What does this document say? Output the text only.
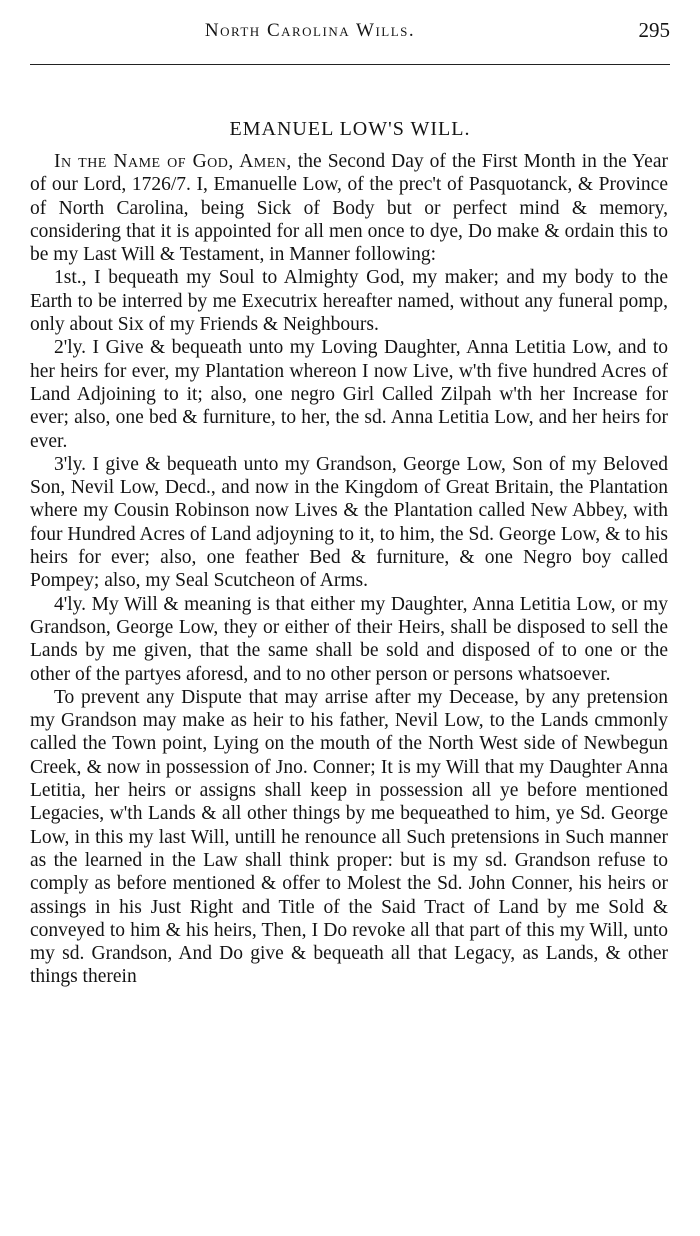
North Carolina Wills.	295
EMANUEL LOW'S WILL.

In the Name of God, Amen, the Second Day of the First Month in the Year of our Lord, 1726/7. I, Emanuelle Low, of the prec't of Pasquotanck, & Province of North Carolina, being Sick of Body but or perfect mind & memory, considering that it is appointed for all men once to dye, Do make & ordain this to be my Last Will & Testament, in Manner following:

1st., I bequeath my Soul to Almighty God, my maker; and my body to the Earth to be interred by me Executrix hereafter named, without any funeral pomp, only about Six of my Friends & Neighbours.

2'ly. I Give & bequeath unto my Loving Daughter, Anna Letitia Low, and to her heirs for ever, my Plantation whereon I now Live, w'th five hundred Acres of Land Adjoining to it; also, one negro Girl Called Zilpah w'th her Increase for ever; also, one bed & furniture, to her, the sd. Anna Letitia Low, and her heirs for ever.

3'ly. I give & bequeath unto my Grandson, George Low, Son of my Beloved Son, Nevil Low, Decd., and now in the Kingdom of Great Britain, the Plantation where my Cousin Robinson now Lives & the Plantation called New Abbey, with four Hundred Acres of Land adjoyning to it, to him, the Sd. George Low, & to his heirs for ever; also, one feather Bed & furniture, & one Negro boy called Pompey; also, my Seal Scutcheon of Arms.

4'ly. My Will & meaning is that either my Daughter, Anna Letitia Low, or my Grandson, George Low, they or either of their Heirs, shall be disposed to sell the Lands by me given, that the same shall be sold and disposed of to one or the other of the partyes aforesd, and to no other person or persons whatsoever.

To prevent any Dispute that may arrise after my Decease, by any pretension my Grandson may make as heir to his father, Nevil Low, to the Lands cmmonly called the Town point, Lying on the mouth of the North West side of Newbegun Creek, & now in possession of Jno. Conner; It is my Will that my Daughter Anna Letitia, her heirs or assigns shall keep in possession all ye before mentioned Legacies, w'th Lands & all other things by me bequeathed to him, ye Sd. George Low, in this my last Will, untill he renounce all Such pretensions in Such manner as the learned in the Law shall think proper: but is my sd. Grandson refuse to comply as before mentioned & offer to Molest the Sd. John Conner, his heirs or assings in his Just Right and Title of the Said Tract of Land by me Sold & conveyed to him & his heirs, Then, I Do revoke all that part of this my Will, unto my sd. Grandson, And Do give & bequeath all that Legacy, as Lands, & other things therein
